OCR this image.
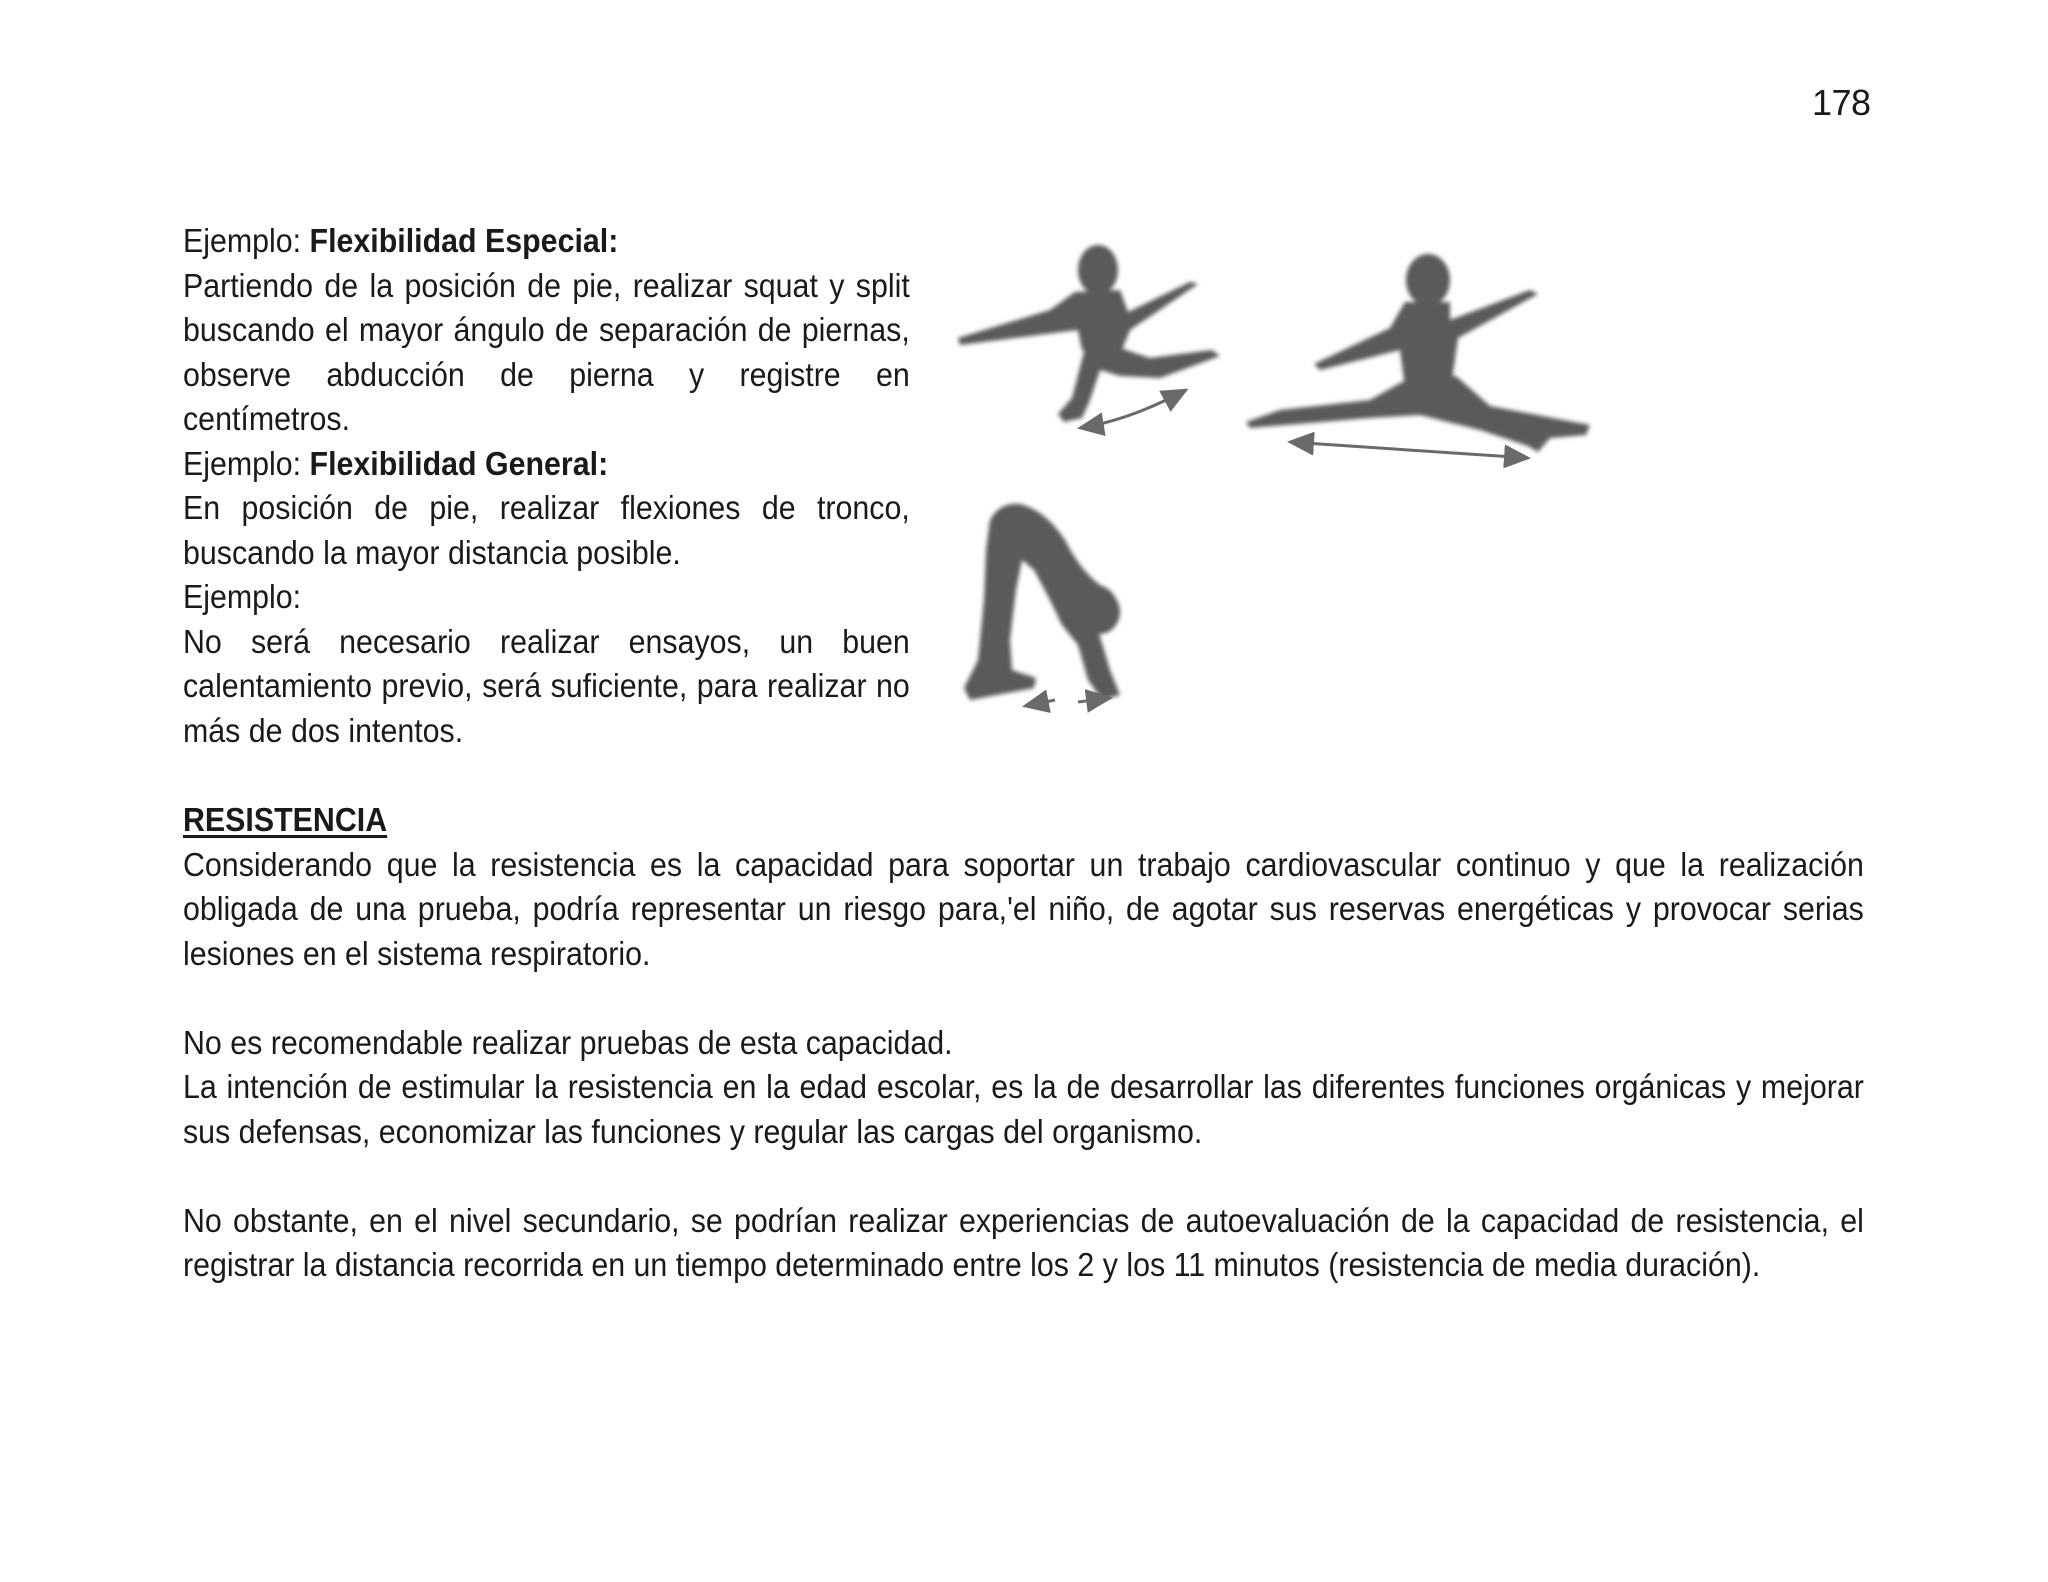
178

Ejemplo: Flexibilidad Especial:

Partiendo de la posición de pie, realizar squat y split buscando el mayor ángulo de separación de piernas, observe abducción de pierna y registre en centímetros.

Ejemplo: Flexibilidad General:

En posición de pie, realizar flexiones de tronco, buscando la mayor distancia posible.

Ejemplo:

No será necesario realizar ensayos, un buen calentamiento previo, será suficiente, para realizar no más de dos intentos.

RESISTENCIA

Considerando que la resistencia es la capacidad para soportar un trabajo cardiovascular continuo y que la realización obligada de una prueba, podría representar un riesgo para,'el niño, de agotar sus reservas energéticas y provocar serias lesiones en el sistema respiratorio.

No es recomendable realizar pruebas de esta capacidad.

La intención de estimular la resistencia en la edad escolar, es la de desarrollar las diferentes funciones orgánicas y mejorar sus defensas, economizar las funciones y regular las cargas del organismo.

No obstante, en el nivel secundario, se podrían realizar experiencias de autoevaluación de la capacidad de resistencia, el registrar la distancia recorrida en un tiempo determinado entre los 2 y los 11 minutos (resistencia de media duración).
